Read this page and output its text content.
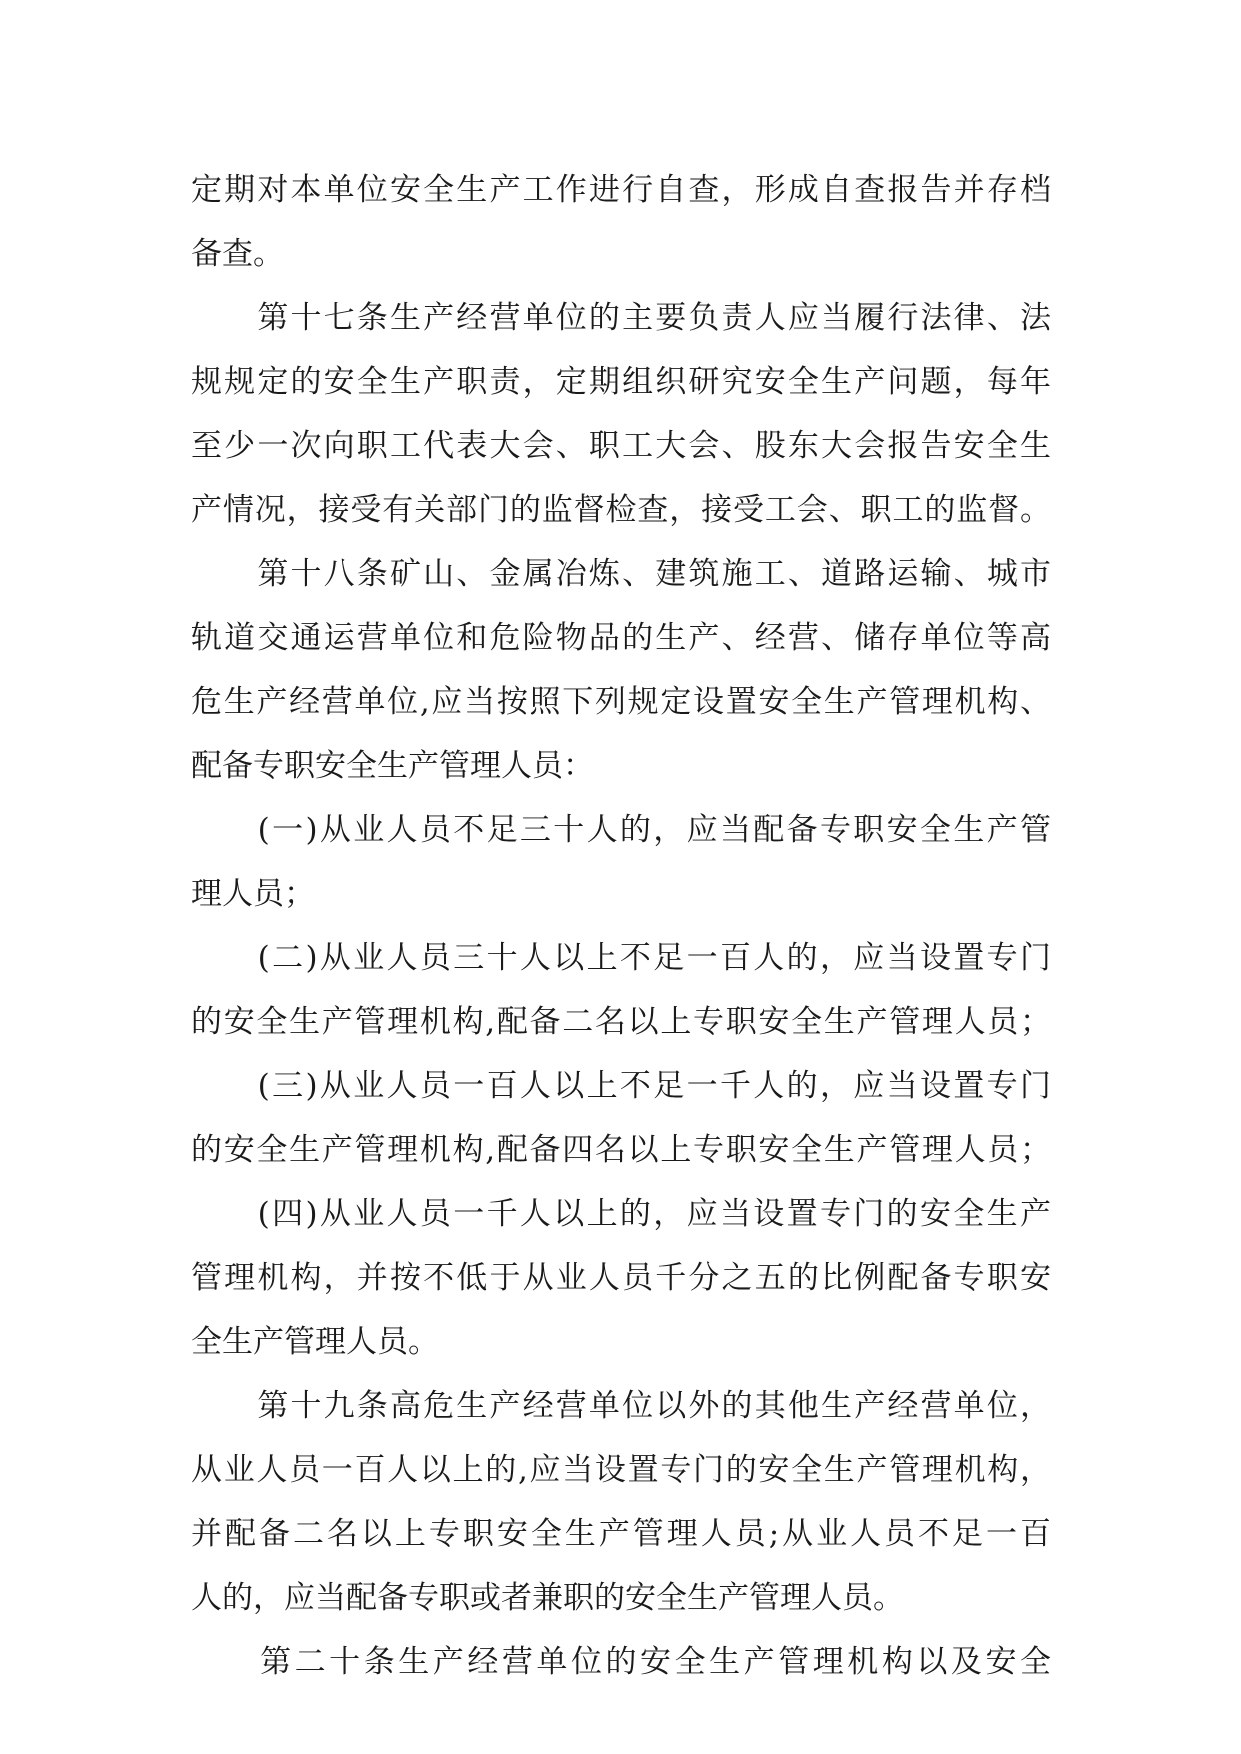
定期对本单位安全生产工作进行自查，形成自查报告并存档
备查。
　　第十七条生产经营单位的主要负责人应当履行法律、法
规规定的安全生产职责，定期组织研究安全生产问题，每年
至少一次向职工代表大会、职工大会、股东大会报告安全生
产情况，接受有关部门的监督检查，接受工会、职工的监督。
　　第十八条矿山、金属冶炼、建筑施工、道路运输、城市
轨道交通运营单位和危险物品的生产、经营、储存单位等高
危生产经营单位,应当按照下列规定设置安全生产管理机构、
配备专职安全生产管理人员：
　　(一)从业人员不足三十人的，应当配备专职安全生产管
理人员；
　　(二)从业人员三十人以上不足一百人的，应当设置专门
的安全生产管理机构,配备二名以上专职安全生产管理人员；
　　(三)从业人员一百人以上不足一千人的，应当设置专门
的安全生产管理机构,配备四名以上专职安全生产管理人员；
　　(四)从业人员一千人以上的，应当设置专门的安全生产
管理机构，并按不低于从业人员千分之五的比例配备专职安
全生产管理人员。
　　第十九条高危生产经营单位以外的其他生产经营单位，
从业人员一百人以上的,应当设置专门的安全生产管理机构，
并配备二名以上专职安全生产管理人员;从业人员不足一百
人的，应当配备专职或者兼职的安全生产管理人员。
　　第二十条生产经营单位的安全生产管理机构以及安全
